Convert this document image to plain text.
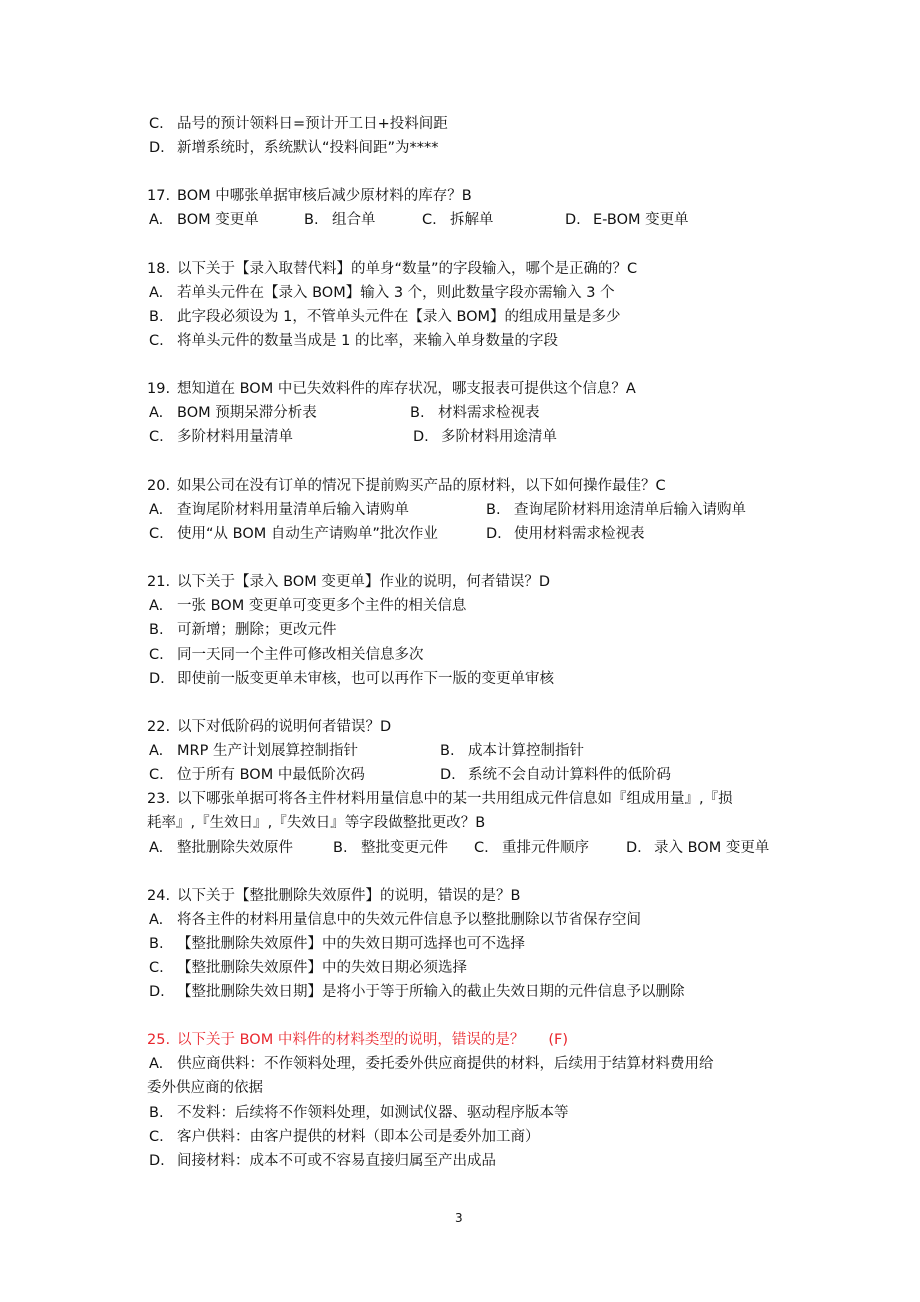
C. 品号的预计领料日=预计开工日+投料间距
D. 新增系统时，系统默认“投料间距”为****
17. BOM 中哪张单据审核后减少原材料的库存？B
A. BOM 变更单	B. 组合单	C. 拆解单	D. E-BOM 变更单
18. 以下关于【录入取替代料】的单身“数量”的字段输入，哪个是正确的？C
A. 若单头元件在【录入 BOM】输入 3 个，则此数量字段亦需输入 3 个
B. 此字段必须设为 1，不管单头元件在【录入 BOM】的组成用量是多少
C. 将单头元件的数量当成是 1 的比率，来输入单身数量的字段
19. 想知道在 BOM 中已失效料件的库存状况，哪支报表可提供这个信息？A
A. BOM 预期呆滞分析表	B. 材料需求检视表
C. 多阶材料用量清单	D. 多阶材料用途清单
20. 如果公司在没有订单的情况下提前购买产品的原材料，以下如何操作最佳？C
A. 查询尾阶材料用量清单后输入请购单	B. 查询尾阶材料用途清单后输入请购单
C. 使用“从 BOM 自动生产请购单”批次作业	D. 使用材料需求检视表
21. 以下关于【录入 BOM 变更单】作业的说明，何者错误？D
A. 一张 BOM 变更单可变更多个主件的相关信息
B. 可新增；删除；更改元件
C. 同一天同一个主件可修改相关信息多次
D. 即使前一版变更单未审核，也可以再作下一版的变更单审核
22. 以下对低阶码的说明何者错误？D
A. MRP 生产计划展算控制指针	B. 成本计算控制指针
C. 位于所有 BOM 中最低阶次码	D. 系统不会自动计算料件的低阶码
23. 以下哪张单据可将各主件材料用量信息中的某一共用组成元件信息如『组成用量』,『损
耗率』,『生效日』,『失效日』等字段做整批更改？B
A. 整批删除失效原件	B. 整批变更元件 C. 重排元件顺序	D. 录入 BOM 变更单
24. 以下关于【整批删除失效原件】的说明，错误的是？B
A. 将各主件的材料用量信息中的失效元件信息予以整批删除以节省保存空间
B. 【整批删除失效原件】中的失效日期可选择也可不选择
C. 【整批删除失效原件】中的失效日期必须选择
D. 【整批删除失效日期】是将小于等于所输入的截止失效日期的元件信息予以删除
25. 以下关于 BOM 中料件的材料类型的说明，错误的是？ (F)
A. 供应商供料：不作领料处理，委托委外供应商提供的材料，后续用于结算材料费用给
委外供应商的依据
B. 不发料：后续将不作领料处理，如测试仪器、驱动程序版本等
C. 客户供料：由客户提供的材料（即本公司是委外加工商）
D. 间接材料：成本不可或不容易直接归属至产出成品
3
